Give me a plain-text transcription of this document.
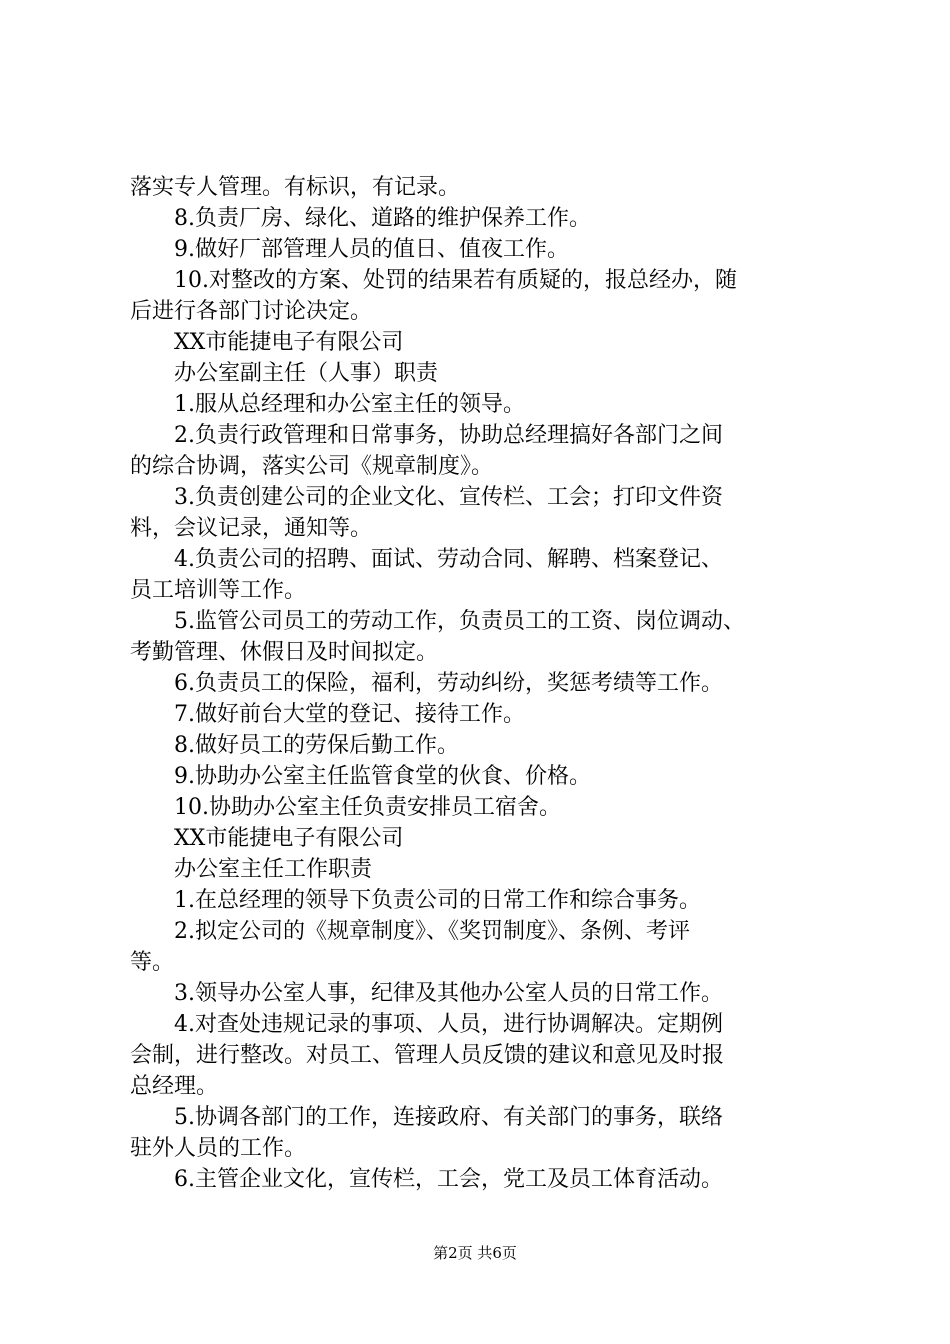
落实专人管理。有标识，有记录。
8.负责厂房、绿化、道路的维护保养工作。
9.做好厂部管理人员的值日、值夜工作。
10.对整改的方案、处罚的结果若有质疑的，报总经办，随
后进行各部门讨论决定。
XX市能捷电子有限公司
办公室副主任（人事）职责
1.服从总经理和办公室主任的领导。
2.负责行政管理和日常事务，协助总经理搞好各部门之间
的综合协调，落实公司《规章制度》。
3.负责创建公司的企业文化、宣传栏、工会；打印文件资
料，会议记录，通知等。
4.负责公司的招聘、面试、劳动合同、解聘、档案登记、
员工培训等工作。
5.监管公司员工的劳动工作，负责员工的工资、岗位调动、
考勤管理、休假日及时间拟定。
6.负责员工的保险，福利，劳动纠纷，奖惩考绩等工作。
7.做好前台大堂的登记、接待工作。
8.做好员工的劳保后勤工作。
9.协助办公室主任监管食堂的伙食、价格。
10.协助办公室主任负责安排员工宿舍。
XX市能捷电子有限公司
办公室主任工作职责
1.在总经理的领导下负责公司的日常工作和综合事务。
2.拟定公司的《规章制度》、《奖罚制度》、条例、考评
等。
3.领导办公室人事，纪律及其他办公室人员的日常工作。
4.对查处违规记录的事项、人员，进行协调解决。定期例
会制，进行整改。对员工、管理人员反馈的建议和意见及时报
总经理。
5.协调各部门的工作，连接政府、有关部门的事务，联络
驻外人员的工作。
6.主管企业文化，宣传栏，工会，党工及员工体育活动。
第2页 共6页
